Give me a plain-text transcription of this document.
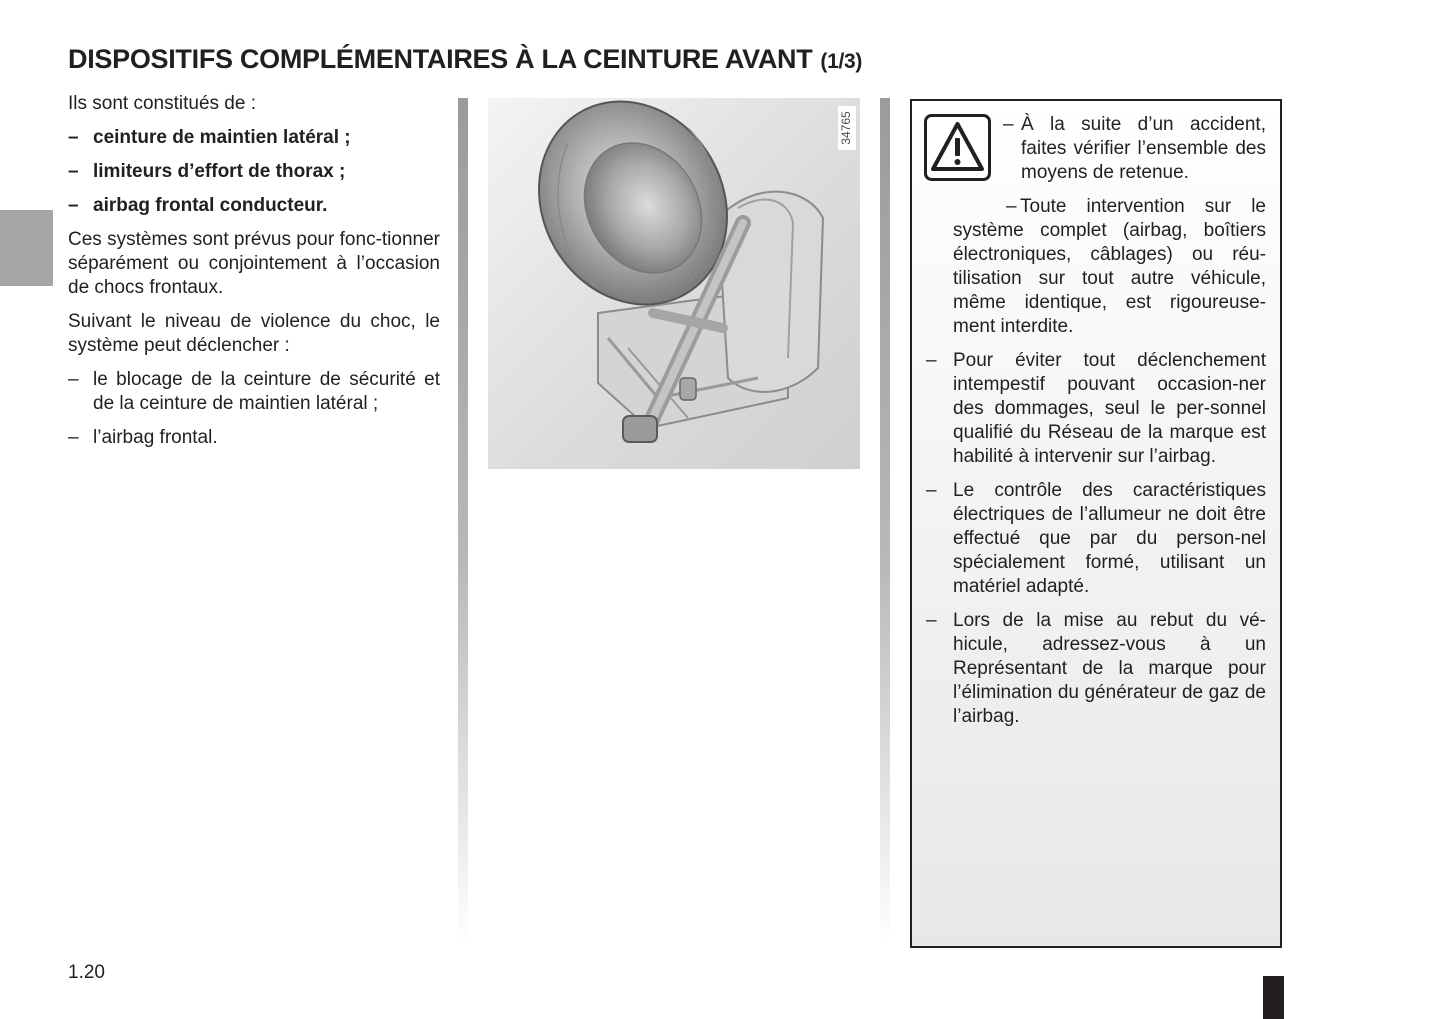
DISPOSITIFS COMPLÉMENTAIRES À LA CEINTURE AVANT (1/3)

Ils sont constitués de :

– ceinture de maintien latéral ;
– limiteurs d’effort de thorax ;
– airbag frontal conducteur.

Ces systèmes sont prévus pour fonc-tionner séparément ou conjointement à l’occasion de chocs frontaux.

Suivant le niveau de violence du choc, le système peut déclencher :

– le blocage de la ceinture de sécurité et de la ceinture de maintien latéral ;
– l’airbag frontal.
34765	– À la suite d’un accident, faites vérifier l’ensemble des moyens de retenue.
– Toute intervention sur le système complet (airbag, boîtiers électroniques, câblages) ou réu-tilisation sur tout autre véhicule, même identique, est rigoureuse-ment interdite.
– Pour éviter tout déclenchement intempestif pouvant occasion-ner des dommages, seul le per-sonnel qualifié du Réseau de la marque est habilité à intervenir sur l’airbag.
– Le contrôle des caractéristiques électriques de l’allumeur ne doit être effectué que par du person-nel spécialement formé, utilisant un matériel adapté.
– Lors de la mise au rebut du vé-hicule, adressez-vous à un Représentant de la marque pour l’élimination du générateur de gaz de l’airbag.
1.20
